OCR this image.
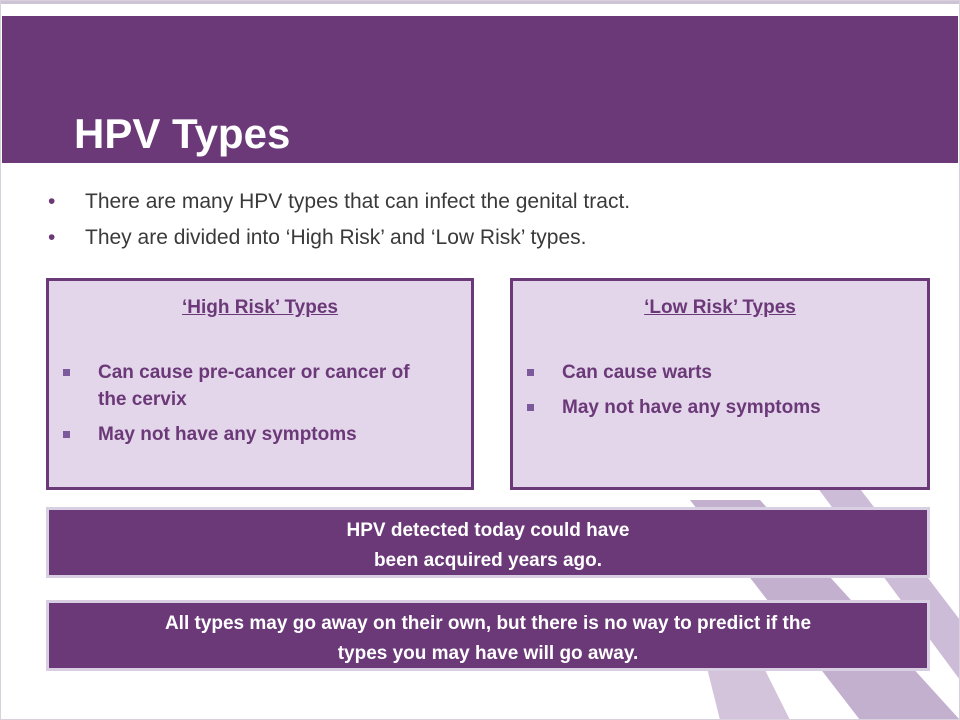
HPV Types
• There are many HPV types that can infect the genital tract.
• They are divided into ‘High Risk’ and ‘Low Risk’ types.
‘High Risk’ Types
Can cause pre-cancer or cancer of the cervix
May not have any symptoms
‘Low Risk’ Types
Can cause warts
May not have any symptoms
HPV detected today could have
been acquired years ago.
All types may go away on their own, but there is no way to predict if the
types you may have will go away.
